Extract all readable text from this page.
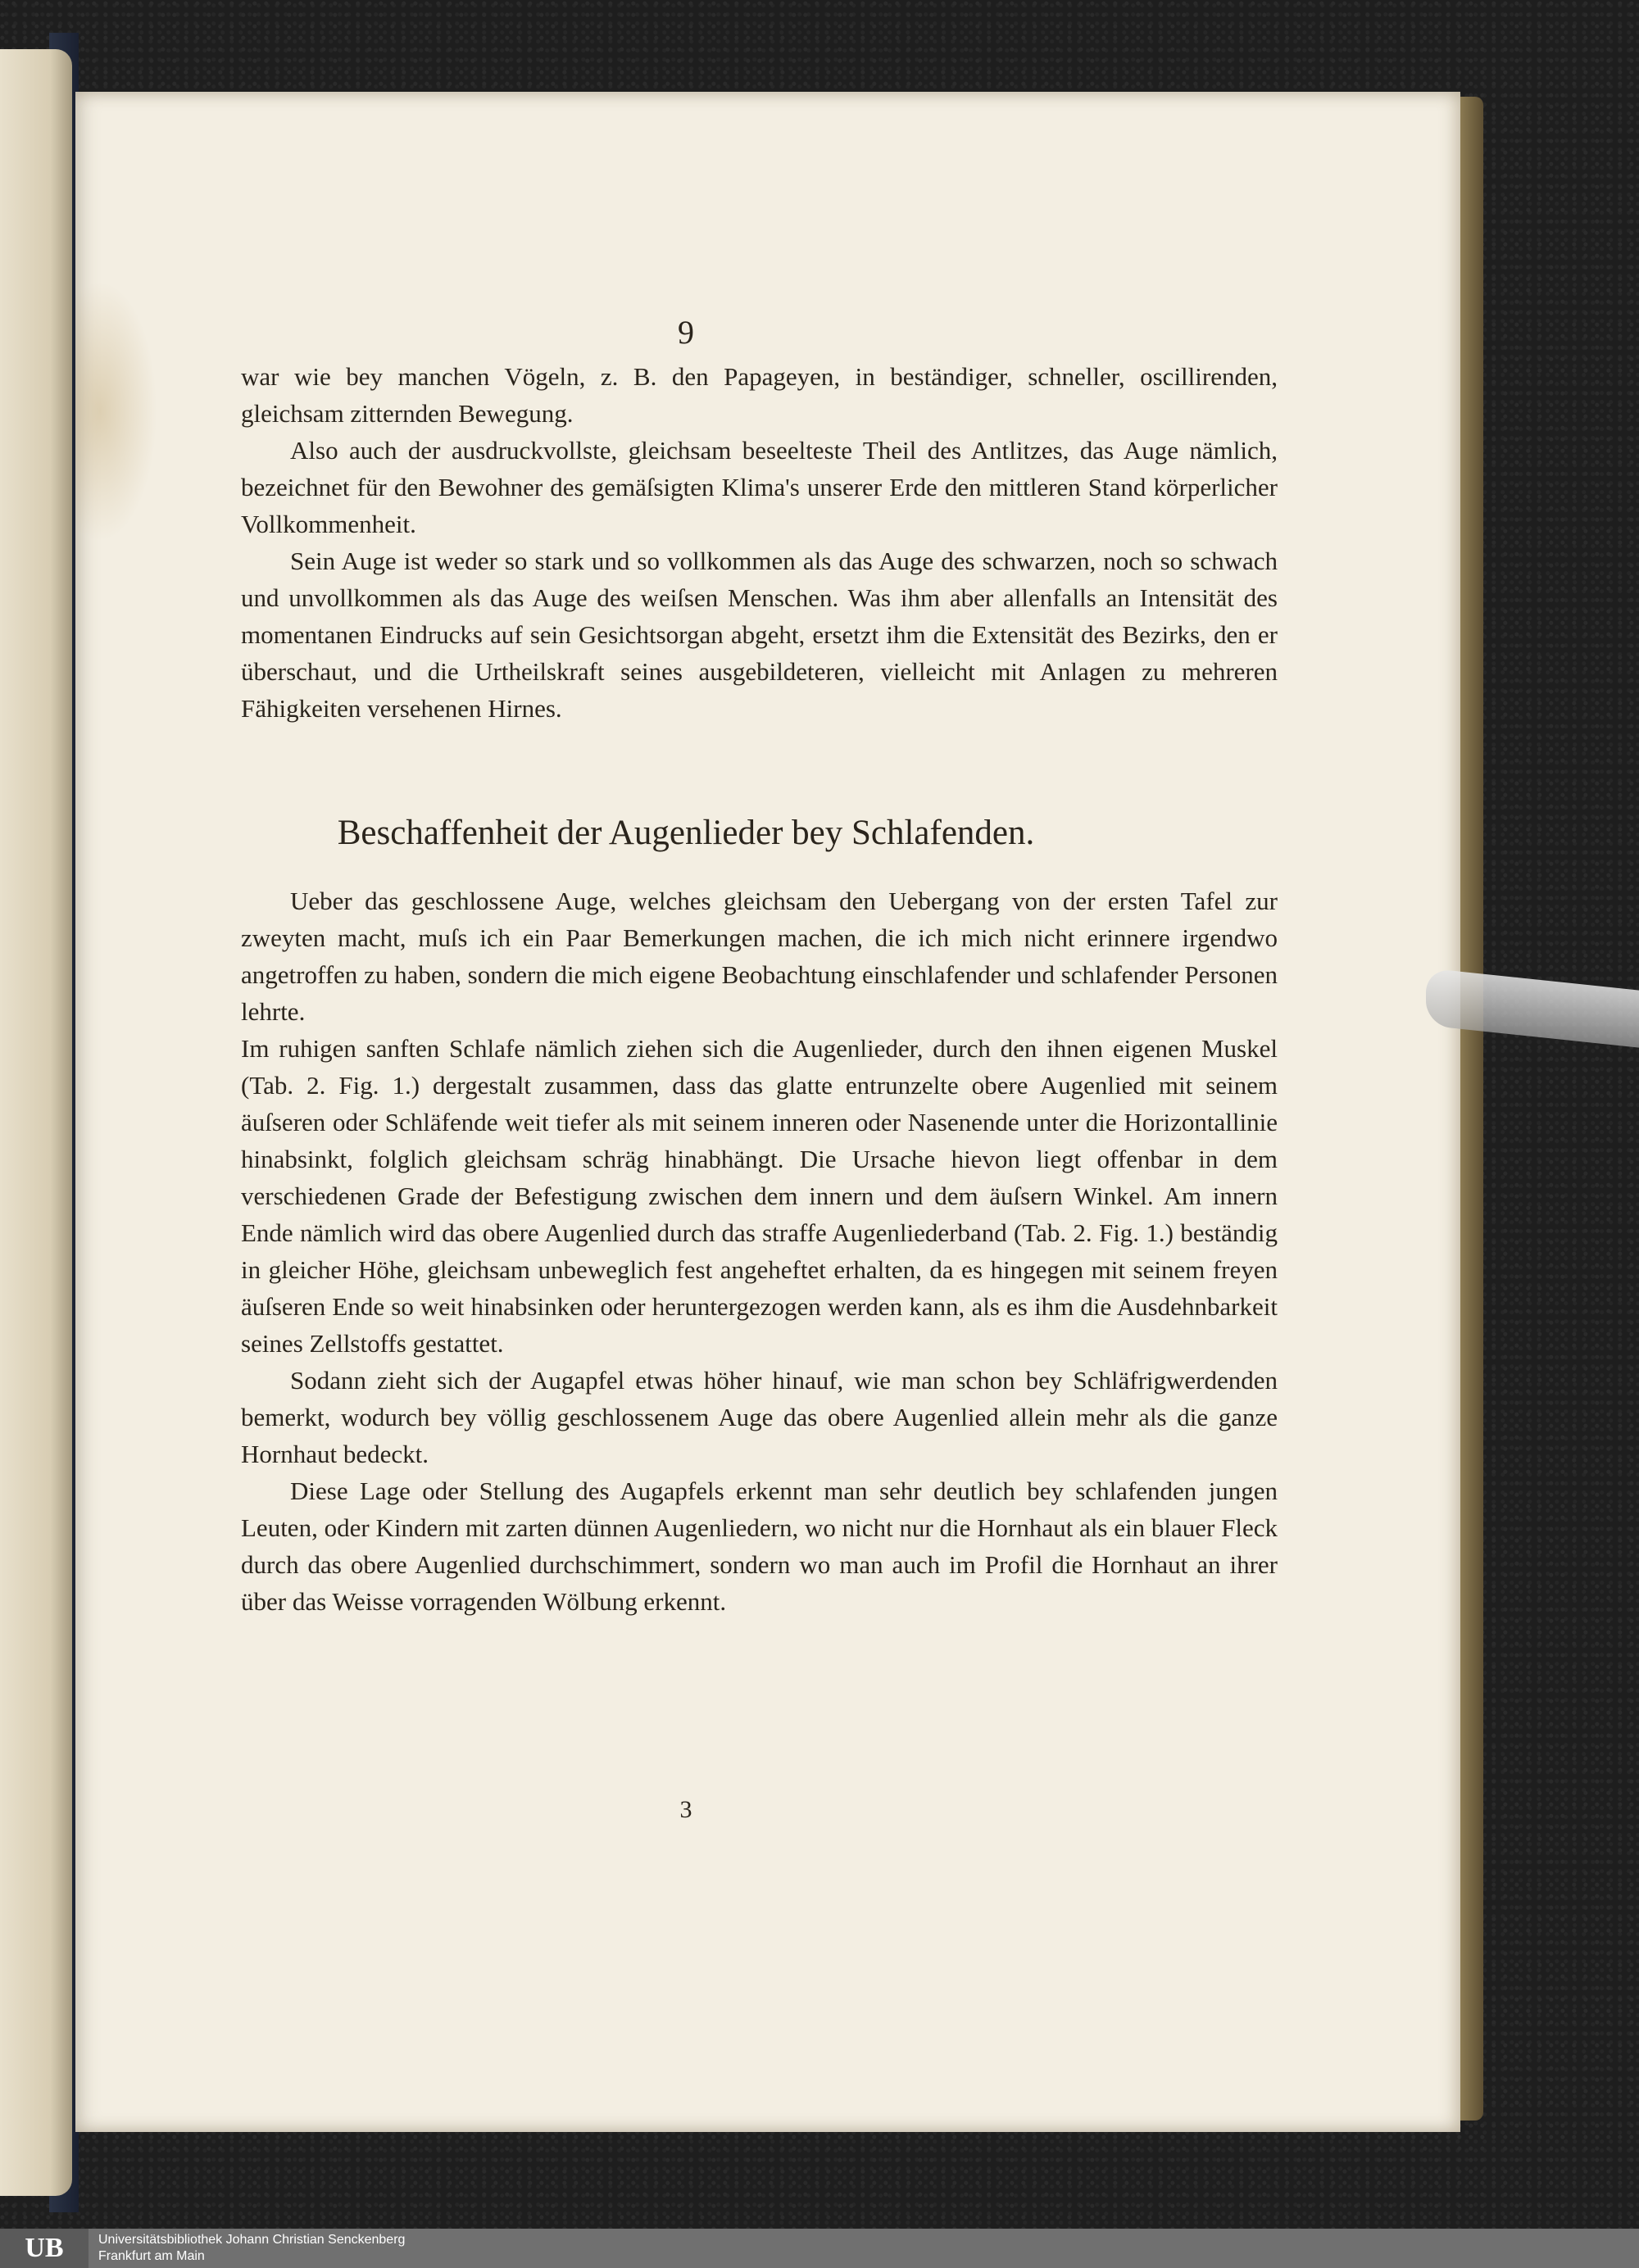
9

war wie bey manchen Vögeln, z. B. den Papageyen, in beständiger, schneller, oscillirenden, gleichsam zitternden Bewegung.

Also auch der ausdruckvollste, gleichsam beseelteste Theil des Antlitzes, das Auge nämlich, bezeichnet für den Bewohner des gemäſsigten Klima's unserer Erde den mittleren Stand körperlicher Vollkommenheit.

Sein Auge ist weder so stark und so vollkommen als das Auge des schwarzen, noch so schwach und unvollkommen als das Auge des weiſsen Menschen. Was ihm aber allenfalls an Intensität des momentanen Eindrucks auf sein Gesichtsorgan abgeht, ersetzt ihm die Extensität des Bezirks, den er überschaut, und die Urtheilskraft seines ausgebildeteren, vielleicht mit Anlagen zu mehreren Fähigkeiten versehenen Hirnes.

Beschaffenheit der Augenlieder bey Schlafenden.

Ueber das geschlossene Auge, welches gleichsam den Uebergang von der ersten Tafel zur zweyten macht, muſs ich ein Paar Bemerkungen machen, die ich mich nicht erinnere irgendwo angetroffen zu haben, sondern die mich eigene Beobachtung einschlafender und schlafender Personen lehrte.

Im ruhigen sanften Schlafe nämlich ziehen sich die Augenlieder, durch den ihnen eigenen Muskel (Tab. 2. Fig. 1.) dergestalt zusammen, dass das glatte entrunzelte obere Augenlied mit seinem äuſseren oder Schläfende weit tiefer als mit seinem inneren oder Nasenende unter die Horizontallinie hinabsinkt, folglich gleichsam schräg hinabhängt. Die Ursache hievon liegt offenbar in dem verschiedenen Grade der Befestigung zwischen dem innern und dem äuſsern Winkel. Am innern Ende nämlich wird das obere Augenlied durch das straffe Augenliederband (Tab. 2. Fig. 1.) beständig in gleicher Höhe, gleichsam unbeweglich fest angeheftet erhalten, da es hingegen mit seinem freyen äuſseren Ende so weit hinabsinken oder heruntergezogen werden kann, als es ihm die Ausdehnbarkeit seines Zellstoffs gestattet.

Sodann zieht sich der Augapfel etwas höher hinauf, wie man schon bey Schläfrigwerdenden bemerkt, wodurch bey völlig geschlossenem Auge das obere Augenlied allein mehr als die ganze Hornhaut bedeckt.

Diese Lage oder Stellung des Augapfels erkennt man sehr deutlich bey schlafenden jungen Leuten, oder Kindern mit zarten dünnen Augenliedern, wo nicht nur die Hornhaut als ein blauer Fleck durch das obere Augenlied durchschimmert, sondern wo man auch im Profil die Hornhaut an ihrer über das Weisse vorragenden Wölbung erkennt.

3
UB	Universitätsbibliothek Johann Christian Senckenberg
Frankfurt am Main
